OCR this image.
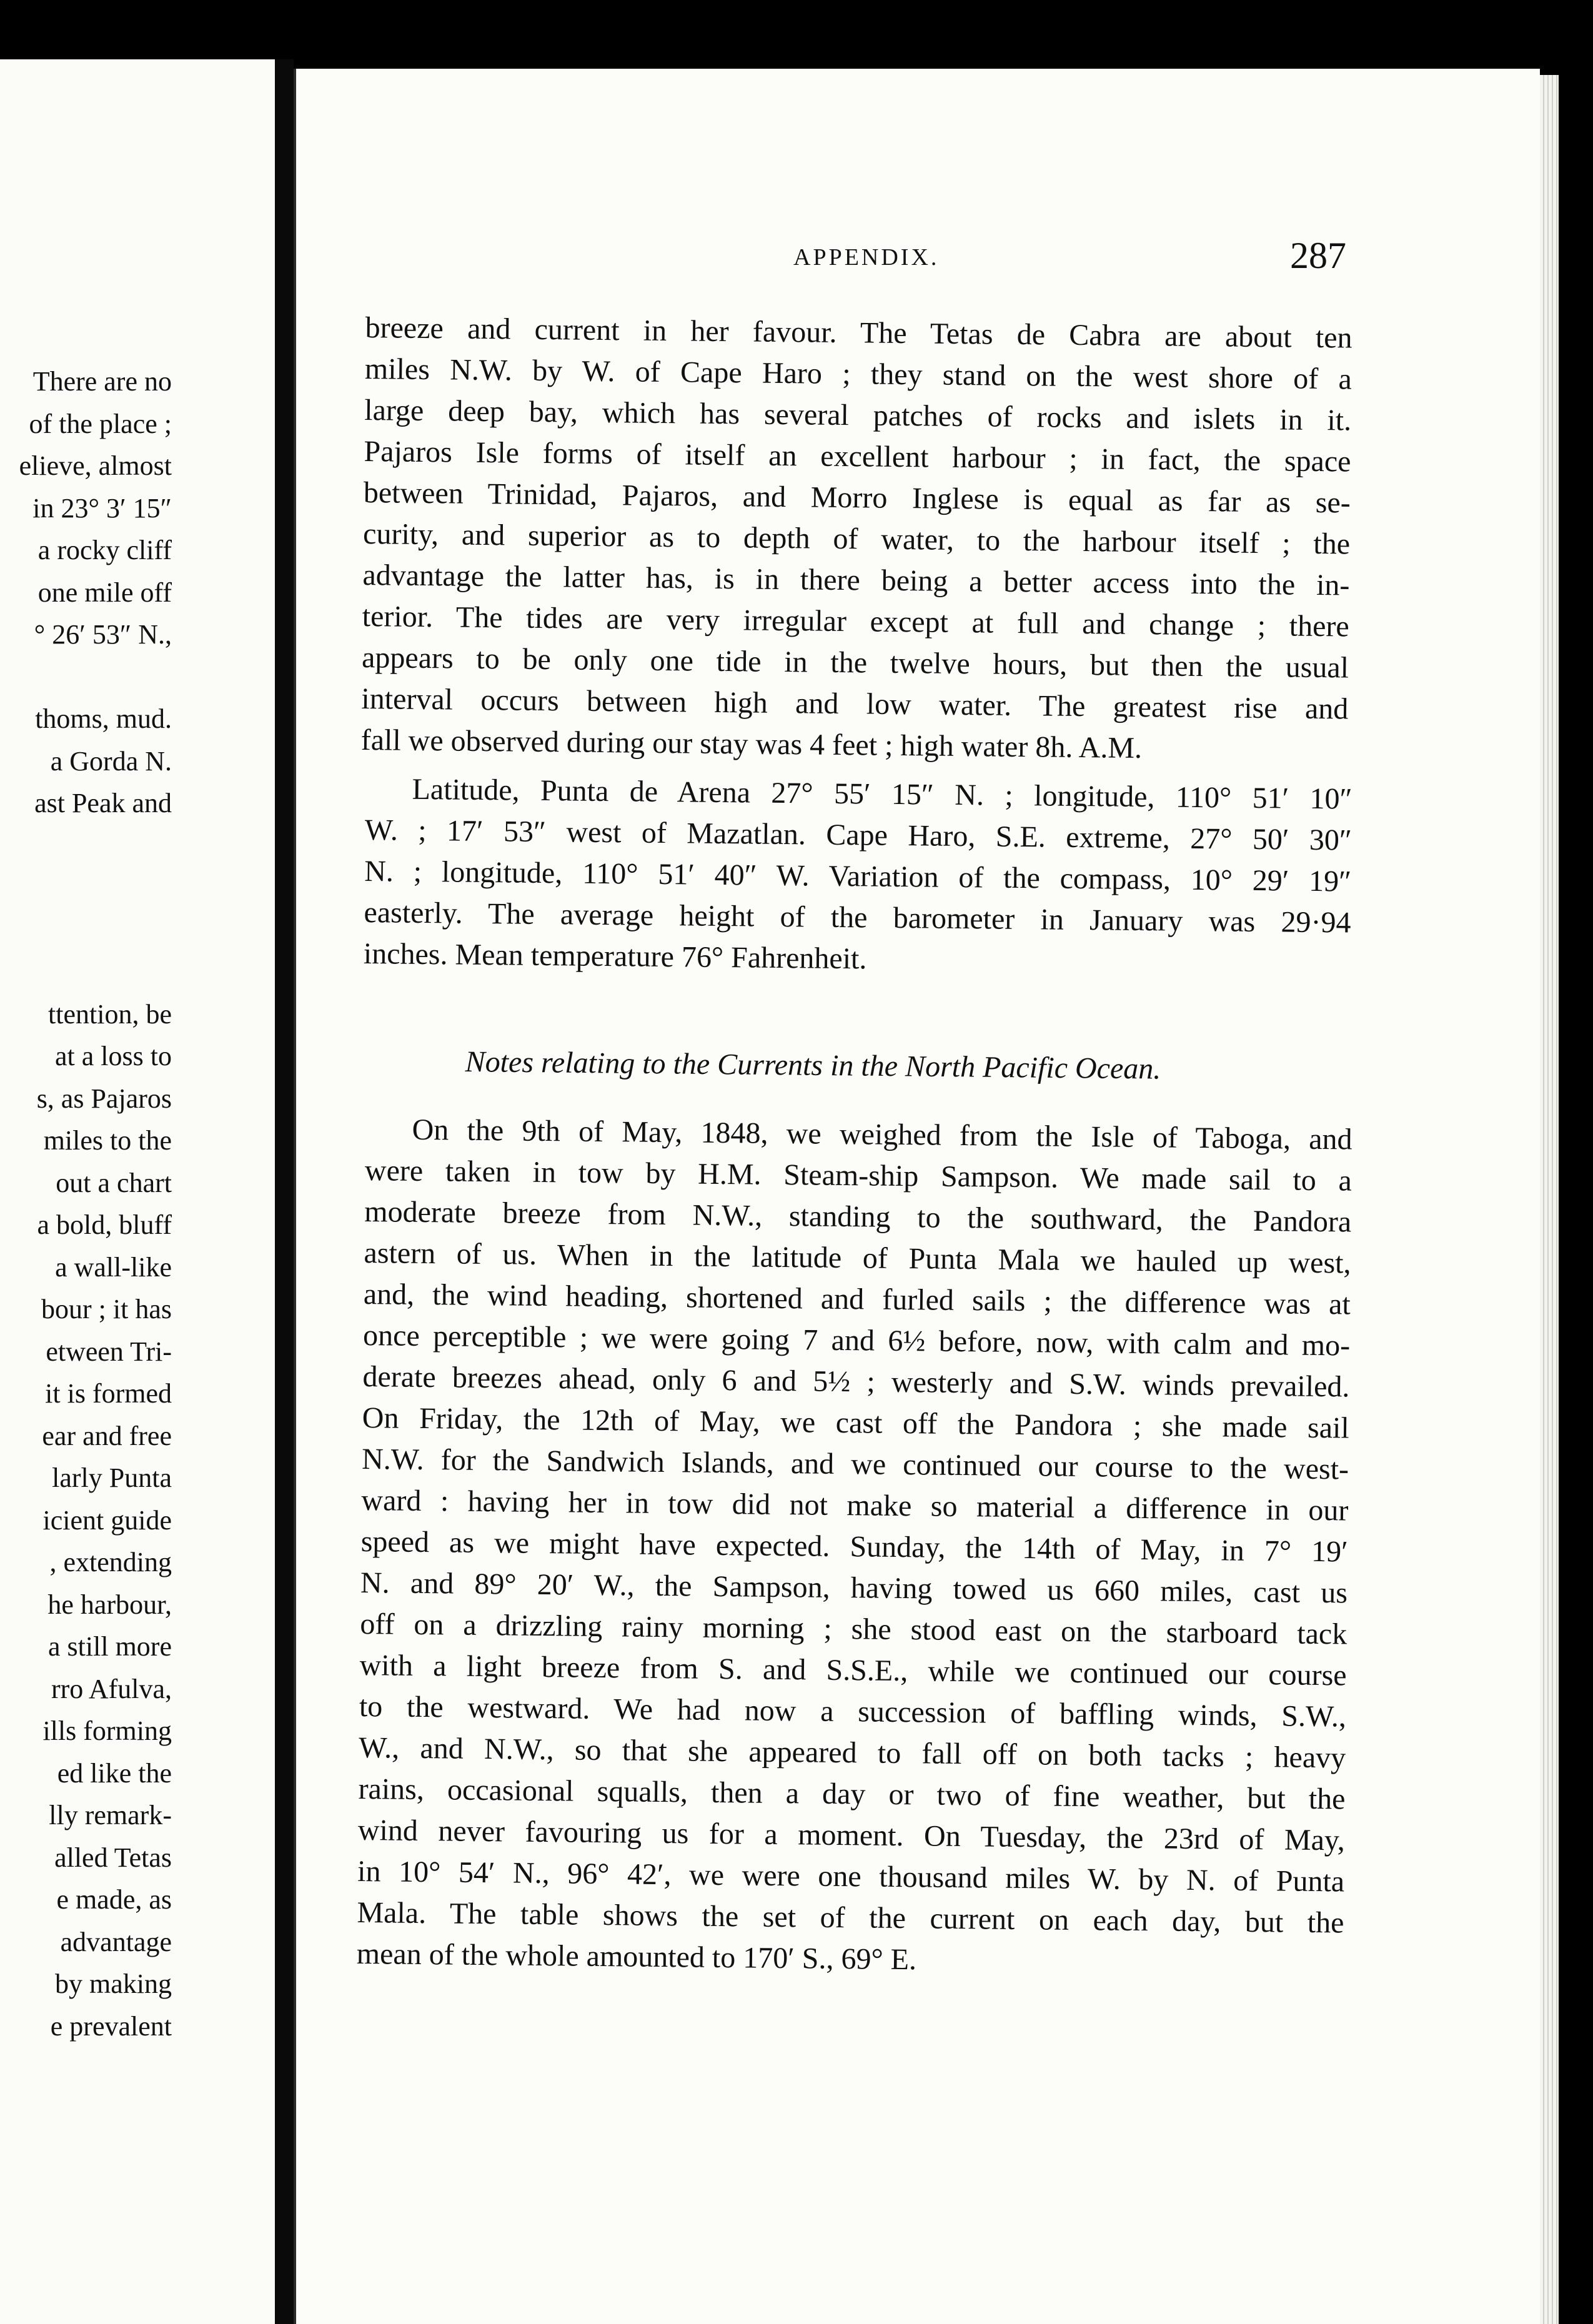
There are no
of the place ;
elieve, almost
in 23° 3′ 15″
a rocky cliff
one mile off
° 26′ 53″ N.,
thoms, mud.
a Gorda N.
ast Peak and
ttention, be
at a loss to
s, as Pajaros
miles to the
out a chart
a bold, bluff
a wall-like
bour ; it has
etween Tri-
it is formed
ear and free
larly Punta
icient guide
, extending
he harbour,
a still more
rro Afulva,
ills forming
ed like the
lly remark-
alled Tetas
e made, as
advantage
by making
e prevalent
APPENDIX.	287
breeze and current in her favour. The Tetas de Cabra are about ten
miles N.W. by W. of Cape Haro ; they stand on the west shore of a
large deep bay, which has several patches of rocks and islets in it.
Pajaros Isle forms of itself an excellent harbour ; in fact, the space
between Trinidad, Pajaros, and Morro Inglese is equal as far as se-
curity, and superior as to depth of water, to the harbour itself ; the
advantage the latter has, is in there being a better access into the in-
terior. The tides are very irregular except at full and change ; there
appears to be only one tide in the twelve hours, but then the usual
interval occurs between high and low water. The greatest rise and
fall we observed during our stay was 4 feet ; high water 8h. A.M.
Latitude, Punta de Arena 27° 55′ 15″ N. ; longitude, 110° 51′ 10″
W. ; 17′ 53″ west of Mazatlan. Cape Haro, S.E. extreme, 27° 50′ 30″
N. ; longitude, 110° 51′ 40″ W. Variation of the compass, 10° 29′ 19″
easterly. The average height of the barometer in January was 29·94
inches. Mean temperature 76° Fahrenheit.
Notes relating to the Currents in the North Pacific Ocean.
On the 9th of May, 1848, we weighed from the Isle of Taboga, and
were taken in tow by H.M. Steam-ship Sampson. We made sail to a
moderate breeze from N.W., standing to the southward, the Pandora
astern of us. When in the latitude of Punta Mala we hauled up west,
and, the wind heading, shortened and furled sails ; the difference was at
once perceptible ; we were going 7 and 6½ before, now, with calm and mo-
derate breezes ahead, only 6 and 5½ ; westerly and S.W. winds prevailed.
On Friday, the 12th of May, we cast off the Pandora ; she made sail
N.W. for the Sandwich Islands, and we continued our course to the west-
ward : having her in tow did not make so material a difference in our
speed as we might have expected. Sunday, the 14th of May, in 7° 19′
N. and 89° 20′ W., the Sampson, having towed us 660 miles, cast us
off on a drizzling rainy morning ; she stood east on the starboard tack
with a light breeze from S. and S.S.E., while we continued our course
to the westward. We had now a succession of baffling winds, S.W.,
W., and N.W., so that she appeared to fall off on both tacks ; heavy
rains, occasional squalls, then a day or two of fine weather, but the
wind never favouring us for a moment. On Tuesday, the 23rd of May,
in 10° 54′ N., 96° 42′, we were one thousand miles W. by N. of Punta
Mala. The table shows the set of the current on each day, but the
mean of the whole amounted to 170′ S., 69° E.
